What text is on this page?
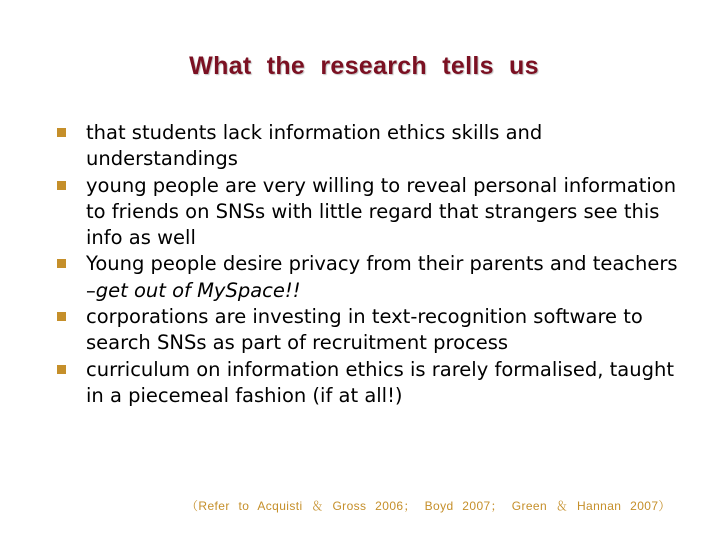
What the research tells us
that students lack information ethics skills and understandings
young people are very willing to reveal personal information to friends on SNSs with little regard that strangers see this info as well
Young people desire privacy from their parents and teachers –get out of MySpace!!
corporations are investing in text-recognition software to search SNSs as part of recruitment process
curriculum on information ethics is rarely formalised, taught in a piecemeal fashion (if at all!)
（Refer to Acquisti ＆ Gross 2006； Boyd 2007； Green ＆ Hannan 2007）
